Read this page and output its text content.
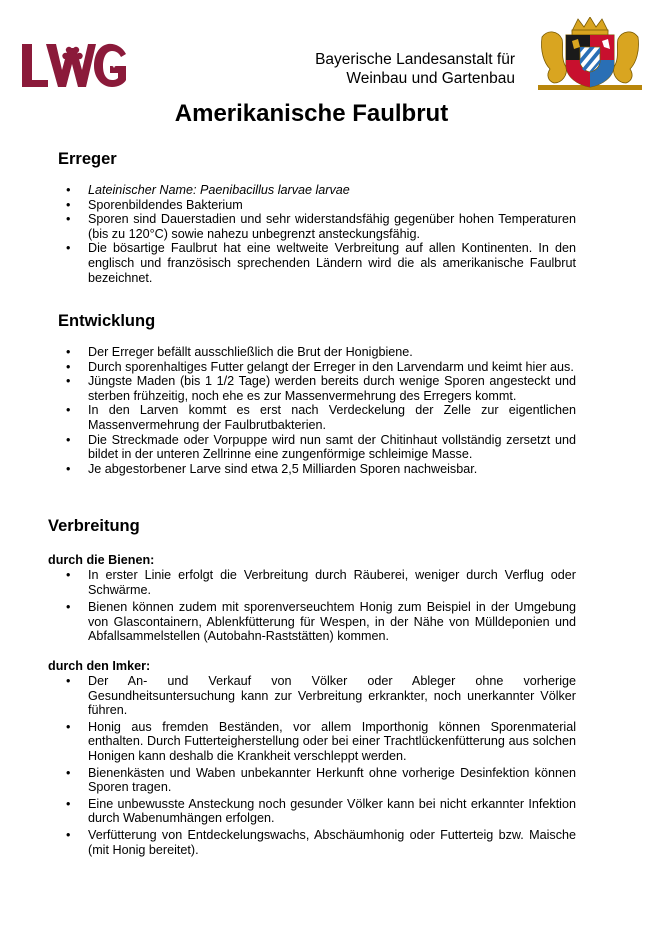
Bayerische Landesanstalt für
Weinbau und Gartenbau
Amerikanische Faulbrut
Erreger
• Lateinischer Name: Paenibacillus larvae larvae
• Sporenbildendes Bakterium
• Sporen sind Dauerstadien und sehr widerstandsfähig gegenüber hohen Temperaturen (bis zu 120°C) sowie nahezu unbegrenzt ansteckungsfähig.
• Die bösartige Faulbrut hat eine weltweite Verbreitung auf allen Kontinenten. In den englisch und französisch sprechenden Ländern wird die als amerikanische Faulbrut bezeichnet.
Entwicklung
• Der Erreger befällt ausschließlich die Brut der Honigbiene.
• Durch sporenhaltiges Futter gelangt der Erreger in den Larvendarm und keimt hier aus.
• Jüngste Maden (bis 1 1/2 Tage) werden bereits durch wenige Sporen angesteckt und sterben frühzeitig, noch ehe es zur Massenvermehrung des Erregers kommt.
• In den Larven kommt es erst nach Verdeckelung der Zelle zur eigentlichen Massenvermehrung der Faulbrutbakterien.
• Die Streckmade oder Vorpuppe wird nun samt der Chitinhaut vollständig zersetzt und bildet in der unteren Zellrinne eine zungenförmige schleimige Masse.
• Je abgestorbener Larve sind etwa 2,5 Milliarden Sporen nachweisbar.
Verbreitung

durch die Bienen:

• In erster Linie erfolgt die Verbreitung durch Räuberei, weniger durch Verflug oder Schwärme.
• Bienen können zudem mit sporenverseuchtem Honig zum Beispiel in der Umgebung von Glascontainern, Ablenkfütterung für Wespen, in der Nähe von Mülldeponien und Abfallsammelstellen (Autobahn-Raststätten) kommen.

durch den Imker:

• Der An- und Verkauf von Völker oder Ableger ohne vorherige Gesundheitsuntersuchung kann zur Verbreitung erkrankter, noch unerkannter Völker führen.
• Honig aus fremden Beständen, vor allem Importhonig können Sporenmaterial enthalten. Durch Futterteigherstellung oder bei einer Trachtlückenfütterung aus solchen Honigen kann deshalb die Krankheit verschleppt werden.
• Bienenkästen und Waben unbekannter Herkunft ohne vorherige Desinfektion können Sporen tragen.
• Eine unbewusste Ansteckung noch gesunder Völker kann bei nicht erkannter Infektion durch Wabenumhängen erfolgen.
• Verfütterung von Entdeckelungswachs, Abschäumhonig oder Futterteig bzw. Maische (mit Honig bereitet).
